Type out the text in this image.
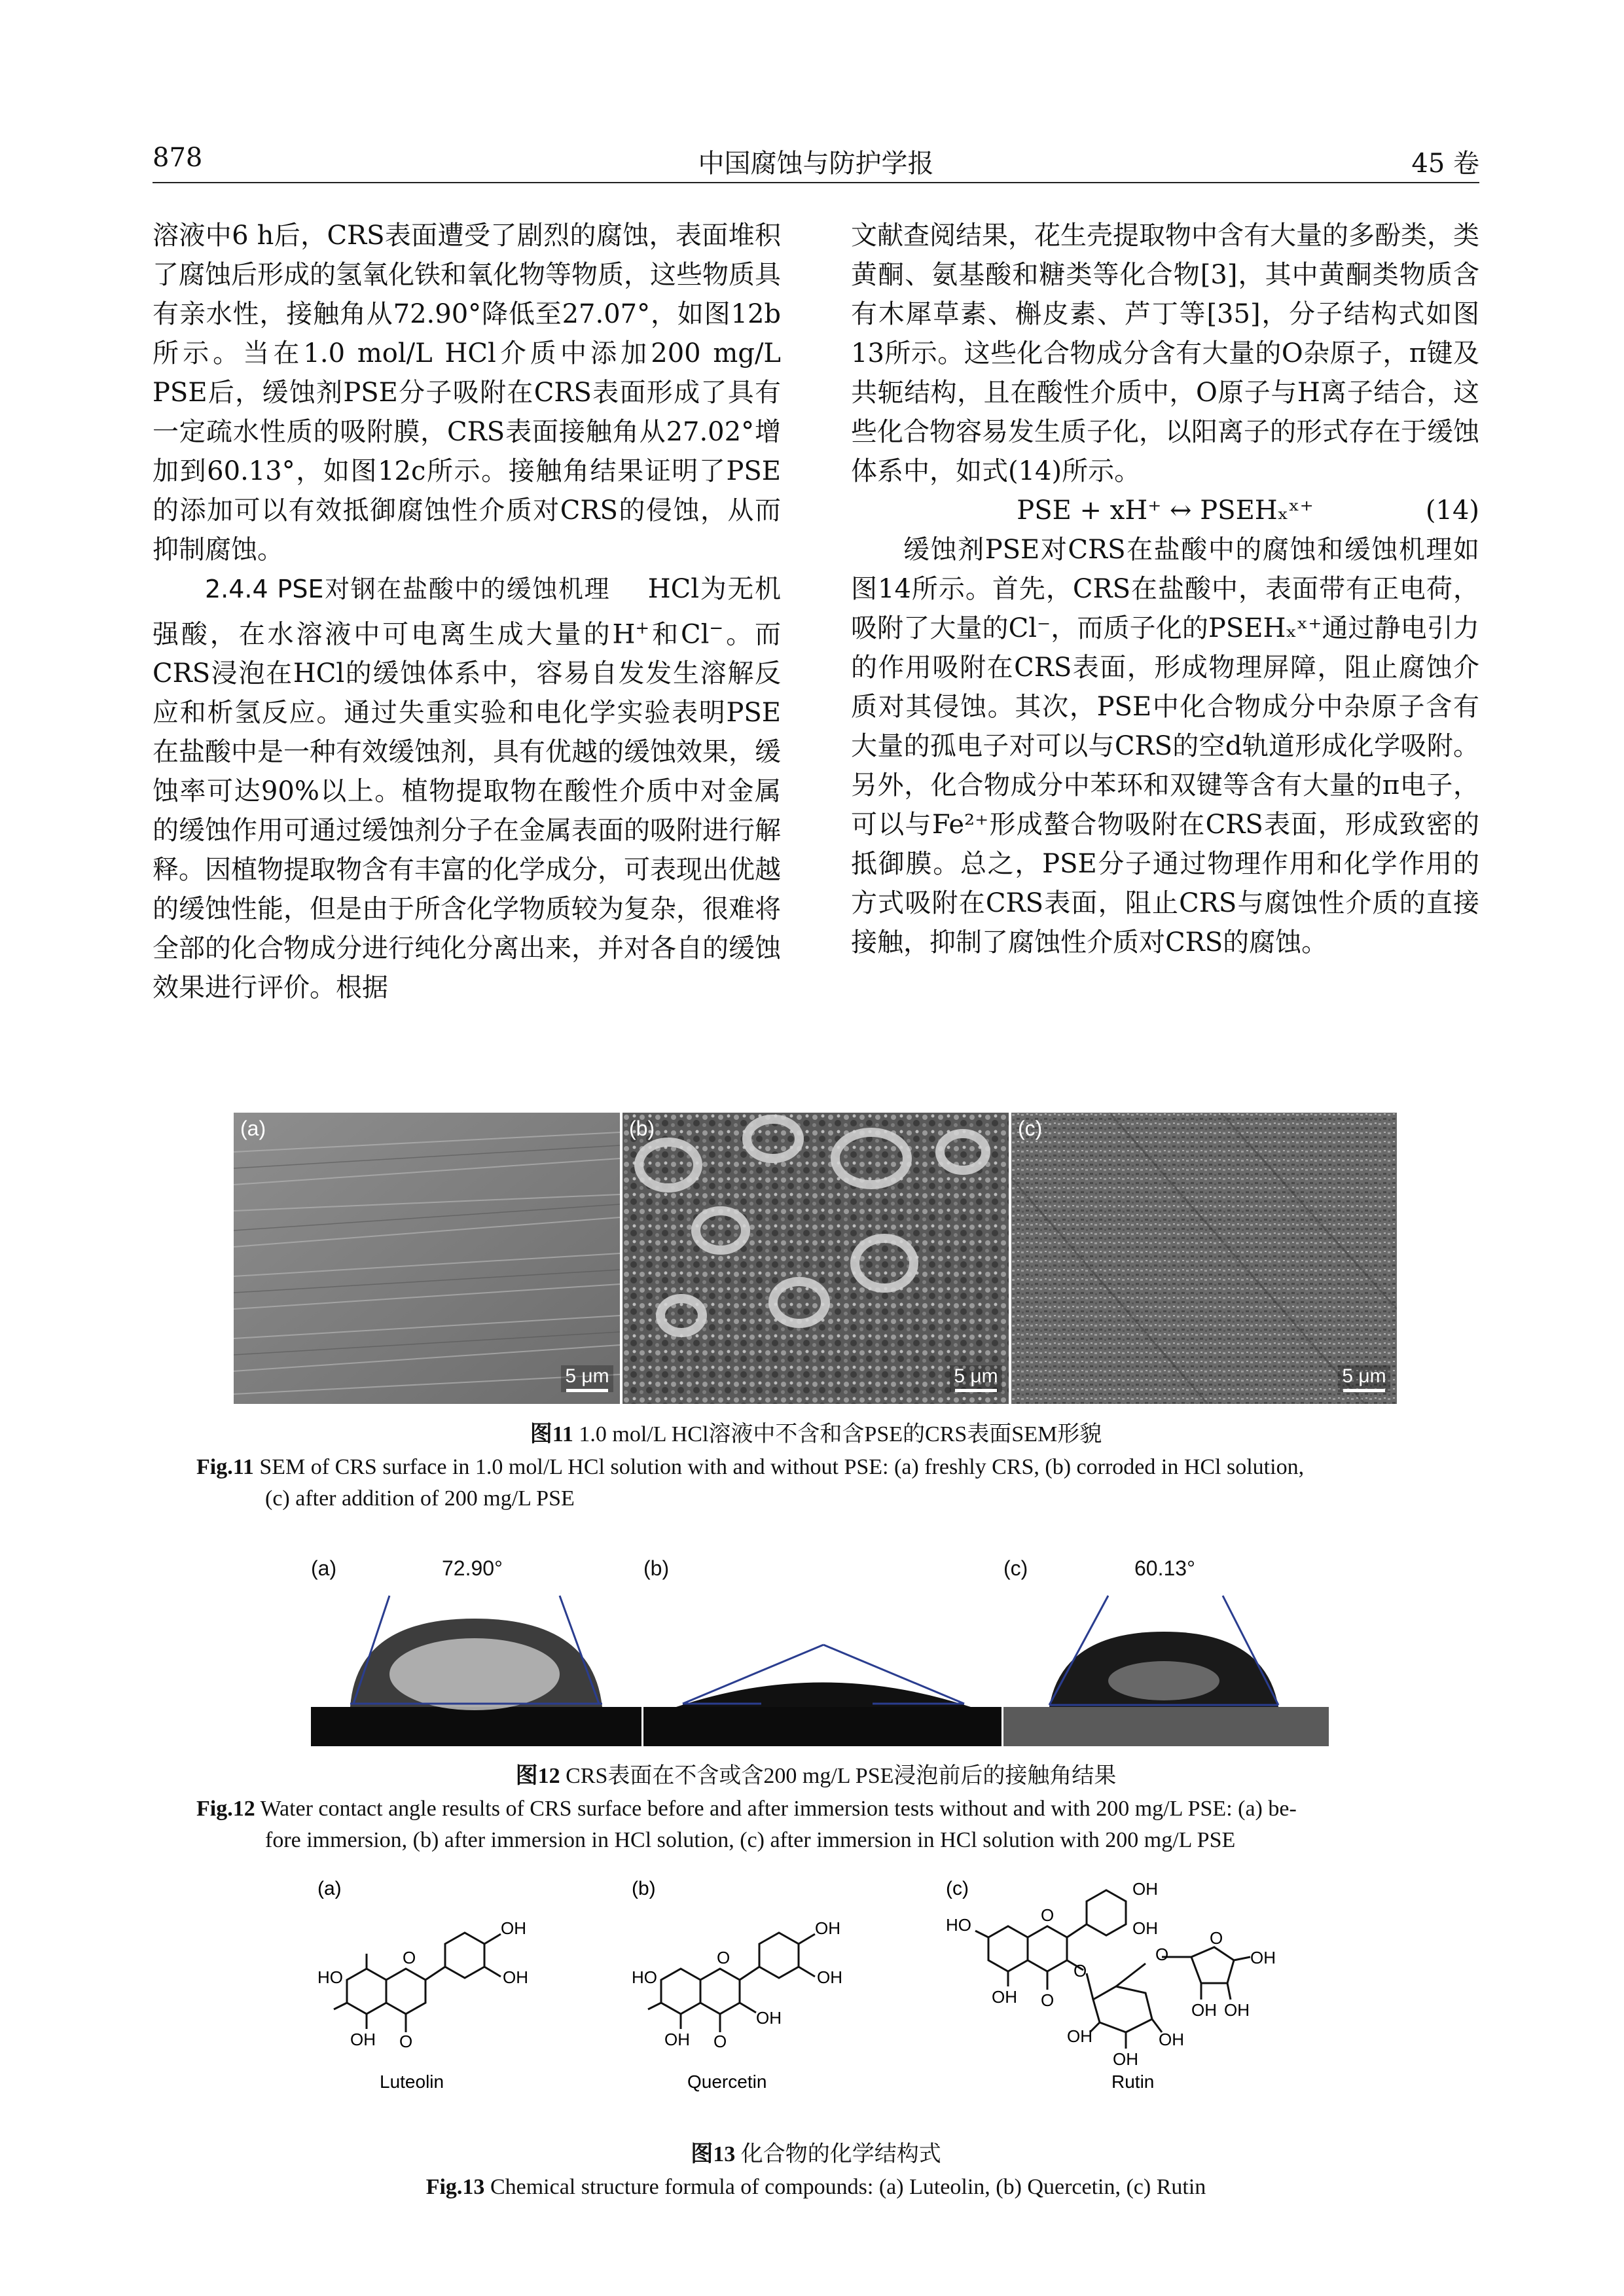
878	中国腐蚀与防护学报	45 卷

溶液中6 h后，CRS表面遭受了剧烈的腐蚀，表面堆积了腐蚀后形成的氢氧化铁和氧化物等物质，这些物质具有亲水性，接触角从72.90°降低至27.07°，如图12b所示。当在1.0 mol/L HCl介质中添加200 mg/L PSE后，缓蚀剂PSE分子吸附在CRS表面形成了具有一定疏水性质的吸附膜，CRS表面接触角从27.02°增加到60.13°，如图12c所示。接触角结果证明了PSE的添加可以有效抵御腐蚀性介质对CRS的侵蚀，从而抑制腐蚀。

2.4.4 PSE对钢在盐酸中的缓蚀机理 HCl为无机强酸，在水溶液中可电离生成大量的H+和Cl−。而CRS浸泡在HCl的缓蚀体系中，容易自发发生溶解反应和析氢反应。通过失重实验和电化学实验表明PSE在盐酸中是一种有效缓蚀剂，具有优越的缓蚀效果，缓蚀率可达90%以上。植物提取物在酸性介质中对金属的缓蚀作用可通过缓蚀剂分子在金属表面的吸附进行解释。因植物提取物含有丰富的化学成分，可表现出优越的缓蚀性能，但是由于所含化学物质较为复杂，很难将全部的化合物成分进行纯化分离出来，并对各自的缓蚀效果进行评价。根据

文献查阅结果，花生壳提取物中含有大量的多酚类，类黄酮、氨基酸和糖类等化合物[3]，其中黄酮类物质含有木犀草素、槲皮素、芦丁等[35]，分子结构式如图13所示。这些化合物成分含有大量的O杂原子，π键及共轭结构，且在酸性介质中，O原子与H离子结合，这些化合物容易发生质子化，以阳离子的形式存在于缓蚀体系中，如式(14)所示。

PSE + xH⁺ ↔ PSEHₓˣ⁺	(14)

缓蚀剂PSE对CRS在盐酸中的腐蚀和缓蚀机理如图14所示。首先，CRS在盐酸中，表面带有正电荷，吸附了大量的Cl⁻，而质子化的PSEHₓˣ⁺通过静电引力的作用吸附在CRS表面，形成物理屏障，阻止腐蚀介质对其侵蚀。其次，PSE中化合物成分中杂原子含有大量的孤电子对可以与CRS的空d轨道形成化学吸附。另外，化合物成分中苯环和双键等含有大量的π电子，可以与Fe²⁺形成螯合物吸附在CRS表面，形成致密的抵御膜。总之，PSE分子通过物理作用和化学作用的方式吸附在CRS表面，阻止CRS与腐蚀性介质的直接接触，抑制了腐蚀性介质对CRS的腐蚀。

(a)
5 μm
(b)
5 μm
(c)
5 μm
图11 1.0 mol/L HCl溶液中不含和含PSE的CRS表面SEM形貌
Fig.11 SEM of CRS surface in 1.0 mol/L HCl solution with and without PSE: (a) freshly CRS, (b) corroded in HCl solution,
(c) after addition of 200 mg/L PSE
(a)	72.90°	(b)	(c)	60.13°
图12 CRS表面在不含或含200 mg/L PSE浸泡前后的接触角结果
Fig.12 Water contact angle results of CRS surface before and after immersion tests without and with 200 mg/L PSE: (a) be-
fore immersion, (b) after immersion in HCl solution, (c) after immersion in HCl solution with 200 mg/L PSE
(a)
O
HO
OH
OH
OH O
Luteolin
(b)
O
HO
OH
OH
OH
OH O
Quercetin
(c)
O
HO
OH
OH
O
OH O
O
O
OH
OH	OH
OH
OH OH
Rutin
图13 化合物的化学结构式
Fig.13 Chemical structure formula of compounds: (a) Luteolin, (b) Quercetin, (c) Rutin
